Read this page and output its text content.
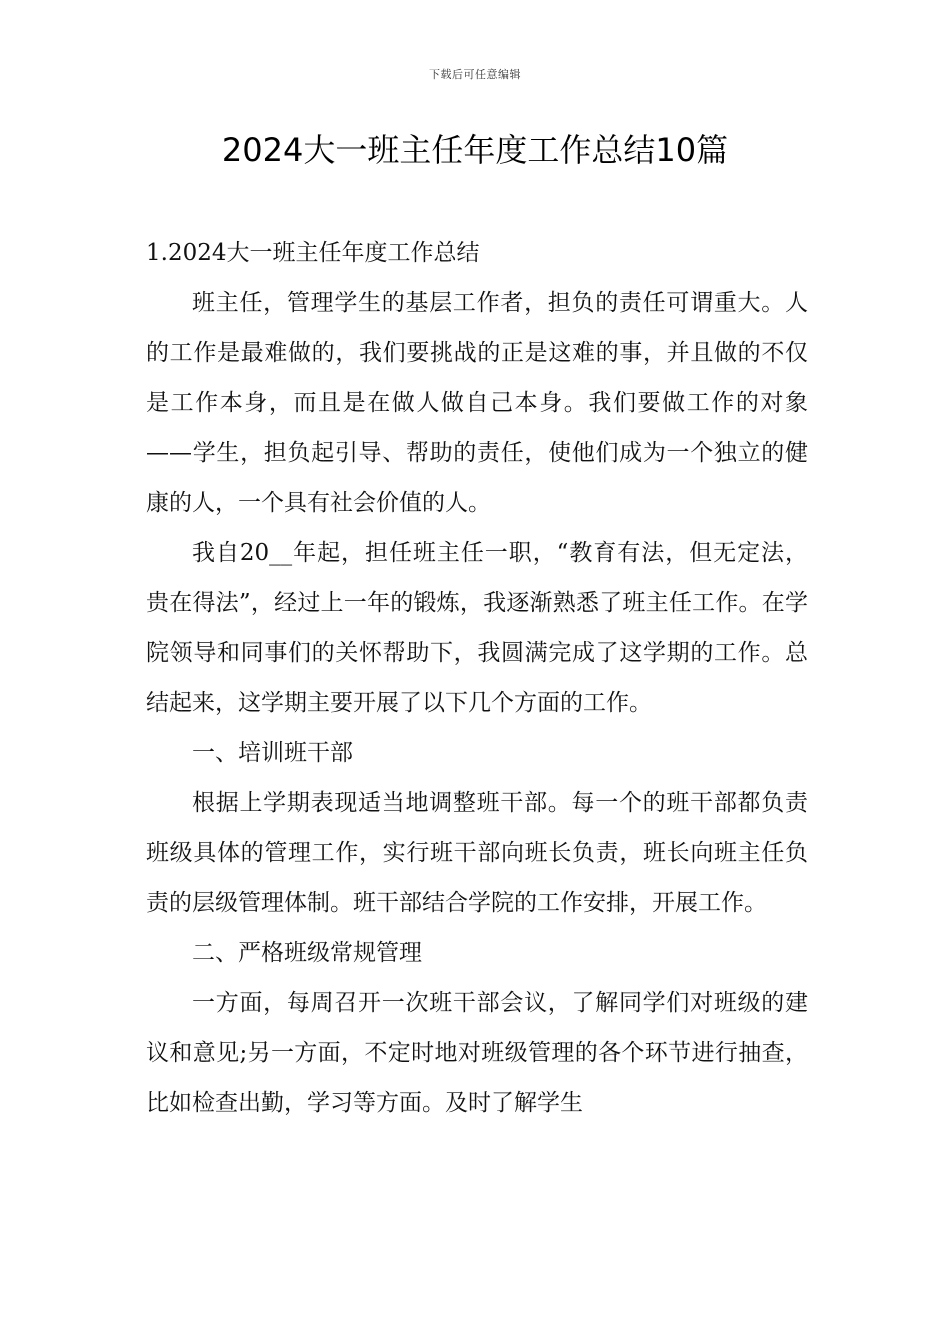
下载后可任意编辑
2024大一班主任年度工作总结10篇

1.2024大一班主任年度工作总结

班主任，管理学生的基层工作者，担负的责任可谓重大。人的工作是最难做的，我们要挑战的正是这难的事，并且做的不仅是工作本身，而且是在做人做自己本身。我们要做工作的对象——学生，担负起引导、帮助的责任，使他们成为一个独立的健康的人，一个具有社会价值的人。

我自20__年起，担任班主任一职，“教育有法，但无定法，贵在得法”，经过上一年的锻炼，我逐渐熟悉了班主任工作。在学院领导和同事们的关怀帮助下，我圆满完成了这学期的工作。总结起来，这学期主要开展了以下几个方面的工作。

一、培训班干部

根据上学期表现适当地调整班干部。每一个的班干部都负责班级具体的管理工作，实行班干部向班长负责，班长向班主任负责的层级管理体制。班干部结合学院的工作安排，开展工作。

二、严格班级常规管理

一方面，每周召开一次班干部会议，了解同学们对班级的建议和意见;另一方面，不定时地对班级管理的各个环节进行抽查，比如检查出勤，学习等方面。及时了解学生
